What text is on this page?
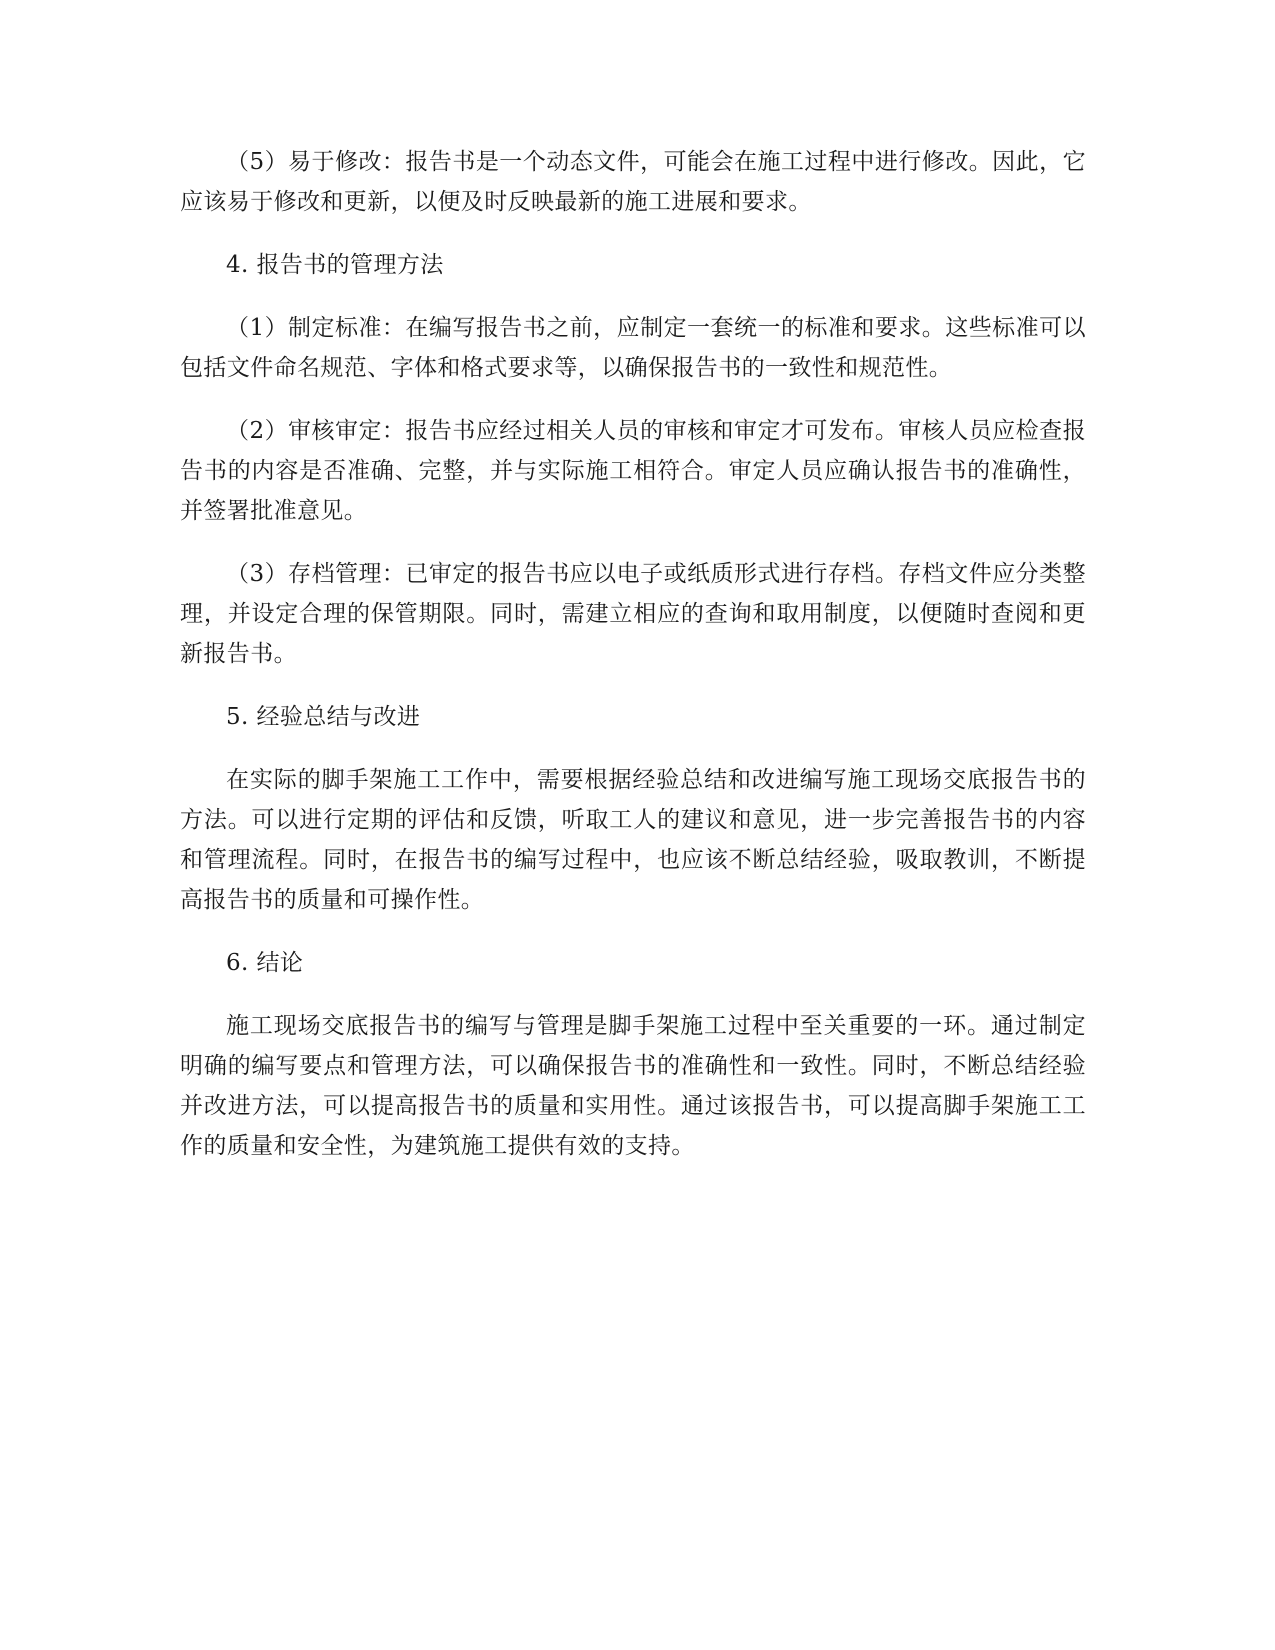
（5）易于修改：报告书是一个动态文件，可能会在施工过程中进行修改。因此，它应该易于修改和更新，以便及时反映最新的施工进展和要求。

4. 报告书的管理方法

（1）制定标准：在编写报告书之前，应制定一套统一的标准和要求。这些标准可以包括文件命名规范、字体和格式要求等，以确保报告书的一致性和规范性。

（2）审核审定：报告书应经过相关人员的审核和审定才可发布。审核人员应检查报告书的内容是否准确、完整，并与实际施工相符合。审定人员应确认报告书的准确性，并签署批准意见。

（3）存档管理：已审定的报告书应以电子或纸质形式进行存档。存档文件应分类整理，并设定合理的保管期限。同时，需建立相应的查询和取用制度，以便随时查阅和更新报告书。

5. 经验总结与改进

在实际的脚手架施工工作中，需要根据经验总结和改进编写施工现场交底报告书的方法。可以进行定期的评估和反馈，听取工人的建议和意见，进一步完善报告书的内容和管理流程。同时，在报告书的编写过程中，也应该不断总结经验，吸取教训，不断提高报告书的质量和可操作性。

6. 结论

施工现场交底报告书的编写与管理是脚手架施工过程中至关重要的一环。通过制定明确的编写要点和管理方法，可以确保报告书的准确性和一致性。同时，不断总结经验并改进方法，可以提高报告书的质量和实用性。通过该报告书，可以提高脚手架施工工作的质量和安全性，为建筑施工提供有效的支持。
